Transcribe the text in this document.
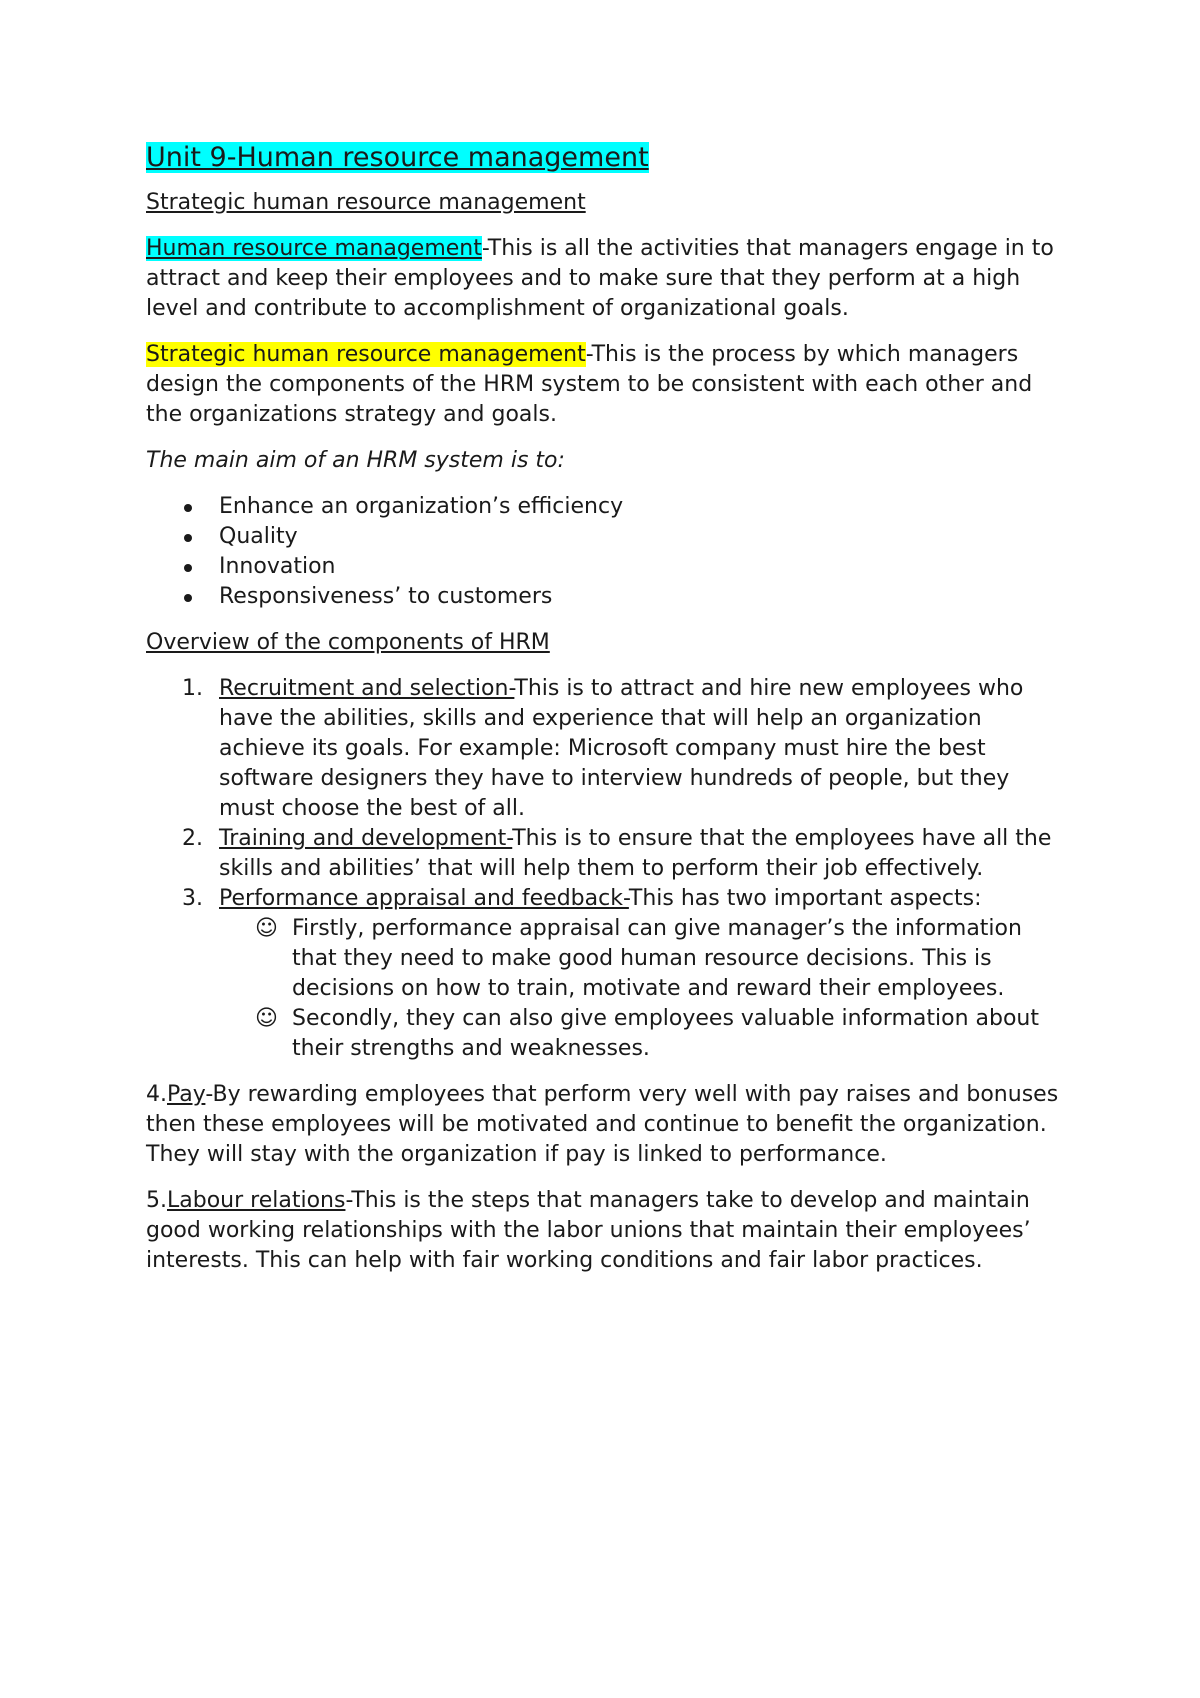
Unit 9-Human resource management

Strategic human resource management

Human resource management-This is all the activities that managers engage in to attract and keep their employees and to make sure that they perform at a high level and contribute to accomplishment of organizational goals.

Strategic human resource management-This is the process by which managers design the components of the HRM system to be consistent with each other and the organizations strategy and goals.

The main aim of an HRM system is to:

Enhance an organization’s efficiency
Quality
Innovation
Responsiveness’ to customers

Overview of the components of HRM

1. Recruitment and selection-This is to attract and hire new employees who have the abilities, skills and experience that will help an organization achieve its goals. For example: Microsoft company must hire the best software designers they have to interview hundreds of people, but they must choose the best of all.
2. Training and development-This is to ensure that the employees have all the skills and abilities’ that will help them to perform their job effectively.
3. Performance appraisal and feedback-This has two important aspects:
☺ Firstly, performance appraisal can give manager’s the information that they need to make good human resource decisions. This is decisions on how to train, motivate and reward their employees.
☺ Secondly, they can also give employees valuable information about their strengths and weaknesses.

4.Pay-By rewarding employees that perform very well with pay raises and bonuses then these employees will be motivated and continue to benefit the organization. They will stay with the organization if pay is linked to performance.

5.Labour relations-This is the steps that managers take to develop and maintain good working relationships with the labor unions that maintain their employees’ interests. This can help with fair working conditions and fair labor practices.
